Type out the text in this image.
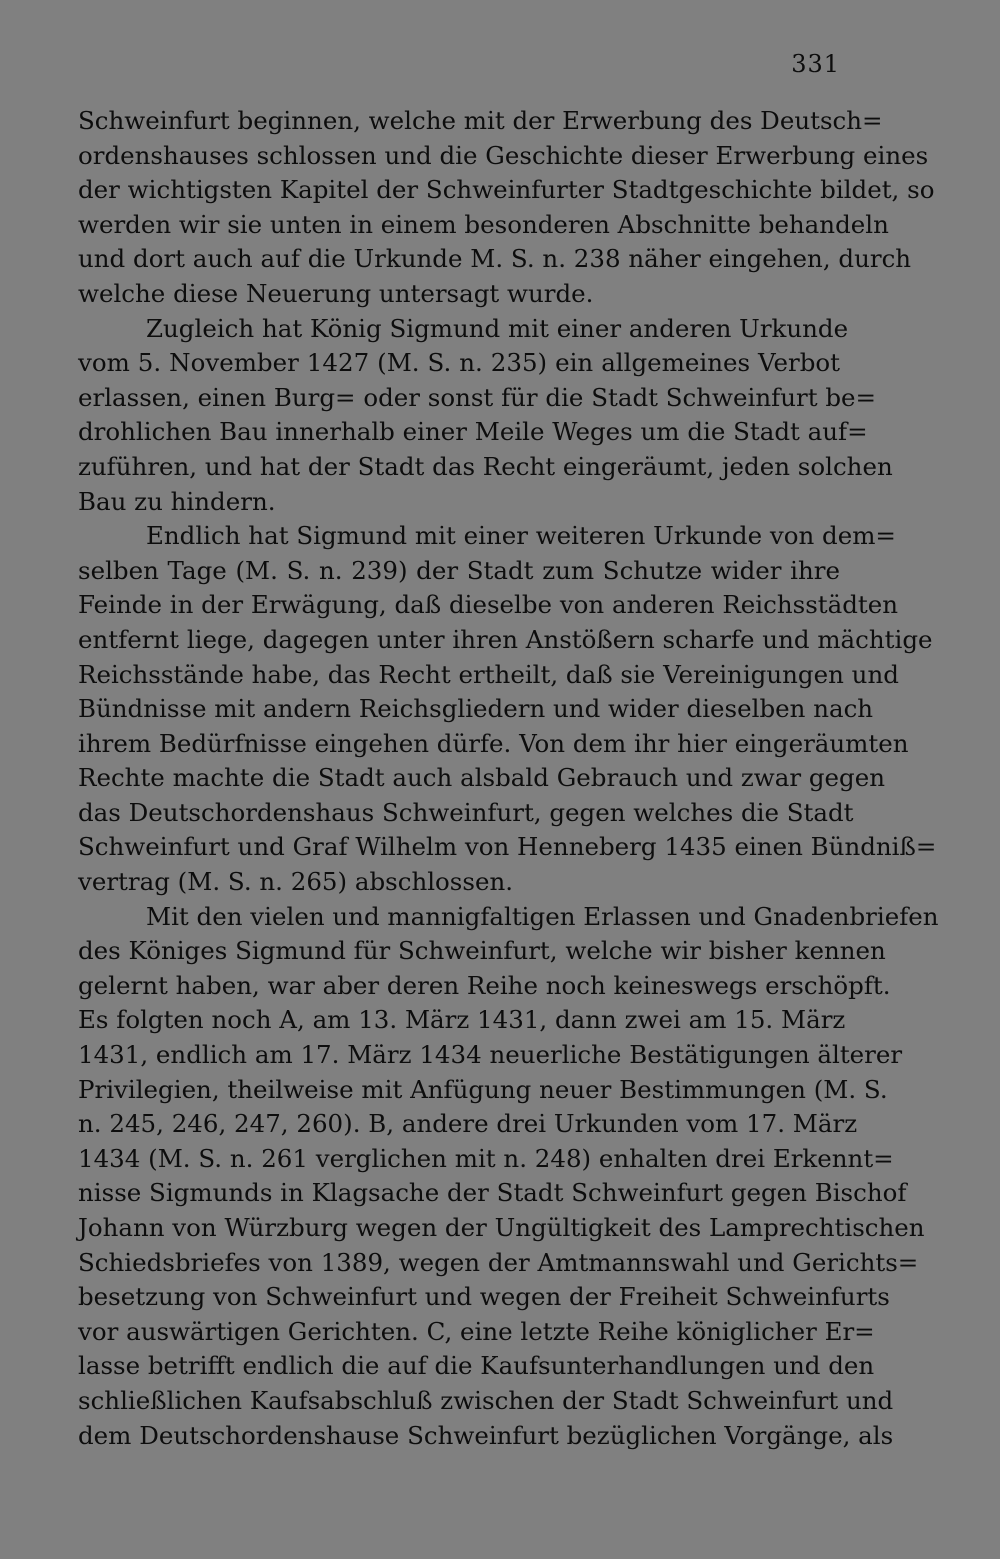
331
Schweinfurt beginnen, welche mit der Erwerbung des Deutsch=
ordenshauses schlossen und die Geschichte dieser Erwerbung eines
der wichtigsten Kapitel der Schweinfurter Stadtgeschichte bildet, so
werden wir sie unten in einem besonderen Abschnitte behandeln
und dort auch auf die Urkunde M. S. n. 238 näher eingehen, durch
welche diese Neuerung untersagt wurde.
Zugleich hat König Sigmund mit einer anderen Urkunde
vom 5. November 1427 (M. S. n. 235) ein allgemeines Verbot
erlassen, einen Burg= oder sonst für die Stadt Schweinfurt be=
drohlichen Bau innerhalb einer Meile Weges um die Stadt auf=
zuführen, und hat der Stadt das Recht eingeräumt, jeden solchen
Bau zu hindern.
Endlich hat Sigmund mit einer weiteren Urkunde von dem=
selben Tage (M. S. n. 239) der Stadt zum Schutze wider ihre
Feinde in der Erwägung, daß dieselbe von anderen Reichsstädten
entfernt liege, dagegen unter ihren Anstößern scharfe und mächtige
Reichsstände habe, das Recht ertheilt, daß sie Vereinigungen und
Bündnisse mit andern Reichsgliedern und wider dieselben nach
ihrem Bedürfnisse eingehen dürfe. Von dem ihr hier eingeräumten
Rechte machte die Stadt auch alsbald Gebrauch und zwar gegen
das Deutschordenshaus Schweinfurt, gegen welches die Stadt
Schweinfurt und Graf Wilhelm von Henneberg 1435 einen Bündniß=
vertrag (M. S. n. 265) abschlossen.
Mit den vielen und mannigfaltigen Erlassen und Gnadenbriefen
des Königes Sigmund für Schweinfurt, welche wir bisher kennen
gelernt haben, war aber deren Reihe noch keineswegs erschöpft.
Es folgten noch A, am 13. März 1431, dann zwei am 15. März
1431, endlich am 17. März 1434 neuerliche Bestätigungen älterer
Privilegien, theilweise mit Anfügung neuer Bestimmungen (M. S.
n. 245, 246, 247, 260). B, andere drei Urkunden vom 17. März
1434 (M. S. n. 261 verglichen mit n. 248) enhalten drei Erkennt=
nisse Sigmunds in Klagsache der Stadt Schweinfurt gegen Bischof
Johann von Würzburg wegen der Ungültigkeit des Lamprechtischen
Schiedsbriefes von 1389, wegen der Amtmannswahl und Gerichts=
besetzung von Schweinfurt und wegen der Freiheit Schweinfurts
vor auswärtigen Gerichten. C, eine letzte Reihe königlicher Er=
lasse betrifft endlich die auf die Kaufsunterhandlungen und den
schließlichen Kaufsabschluß zwischen der Stadt Schweinfurt und
dem Deutschordenshause Schweinfurt bezüglichen Vorgänge, als
